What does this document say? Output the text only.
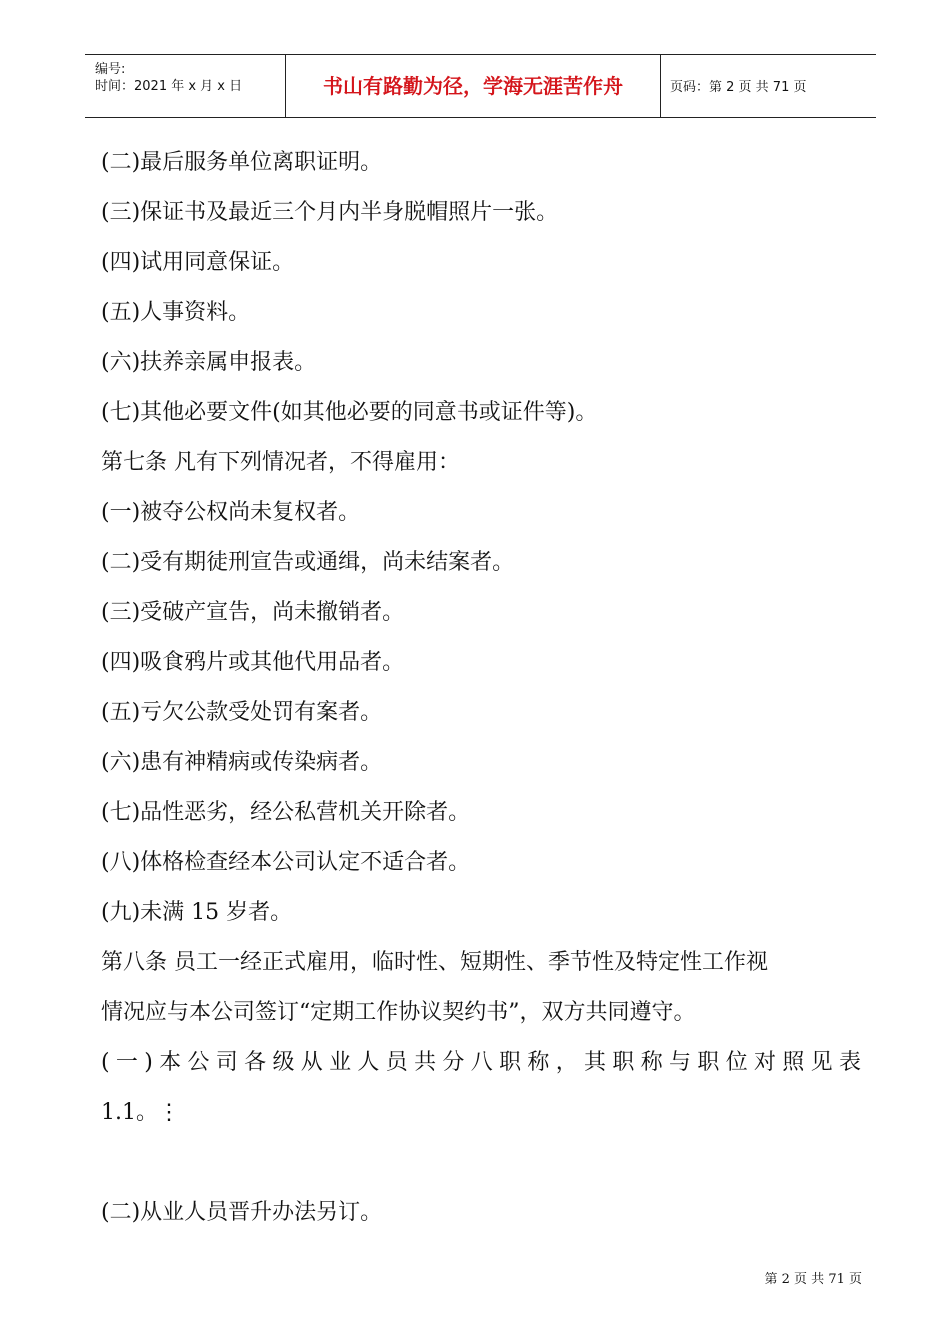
编号:
时间：2021 年 x 月 x 日	书山有路勤为径，学海无涯苦作舟	页码：第 2 页 共 71 页
(二)最后服务单位离职证明。
(三)保证书及最近三个月内半身脱帽照片一张。
(四)试用同意保证。
(五)人事资料。
(六)扶养亲属申报表。
(七)其他必要文件(如其他必要的同意书或证件等)。
第七条 凡有下列情况者，不得雇用：
(一)被夺公权尚未复权者。
(二)受有期徒刑宣告或通缉，尚未结案者。
(三)受破产宣告，尚未撤销者。
(四)吸食鸦片或其他代用品者。
(五)亏欠公款受处罚有案者。
(六)患有神精病或传染病者。
(七)品性恶劣，经公私营机关开除者。
(八)体格检查经本公司认定不适合者。
(九)未满 15 岁者。
第八条 员工一经正式雇用，临时性、短期性、季节性及特定性工作视
情况应与本公司签订“定期工作协议契约书”，双方共同遵守。
(一)本公司各级从业人员共分八职称，其职称与职位对照见表
1.1。⋮
(二)从业人员晋升办法另订。
第 2 页 共 71 页
